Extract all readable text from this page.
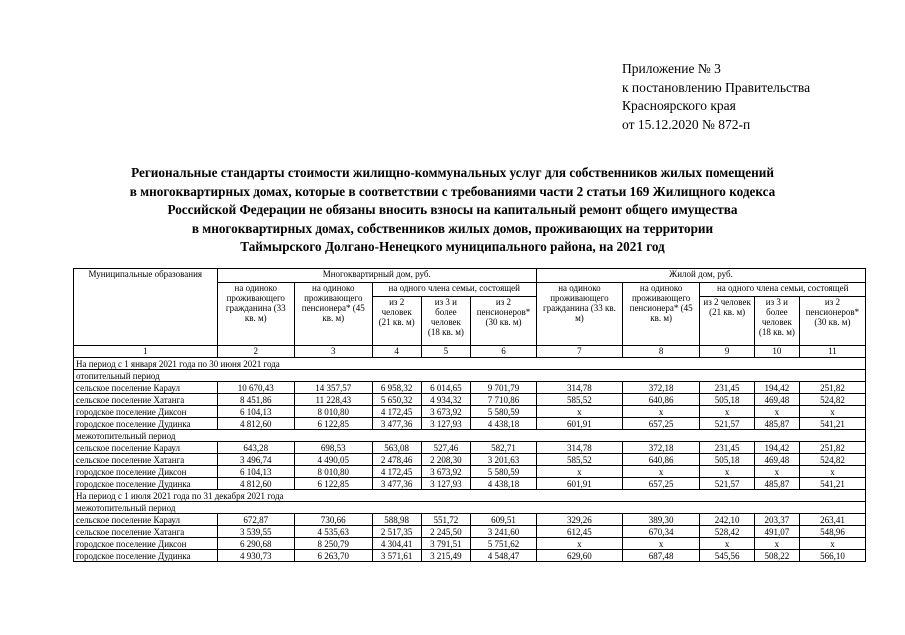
Приложение № 3
к постановлению Правительства
Красноярского края
от 15.12.2020 № 872-п
Региональные стандарты стоимости жилищно-коммунальных услуг для собственников жилых помещений
в многоквартирных домах, которые в соответствии с требованиями части 2 статьи 169 Жилищного кодекса
Российской Федерации не обязаны вносить взносы на капитальный ремонт общего имущества
в многоквартирных домах, собственников жилых домов, проживающих на территории
Таймырского Долгано-Ненецкого муниципального района, на 2021 год
Муниципальные образования	Многоквартирный дом, руб.					Жилой дом, руб.				
	на одиноко проживающего гражданина (33 кв. м)	на одиноко проживающего пенсионера* (45 кв. м)	на одного члена семьи, состоящей			на одиноко проживающего гражданина (33 кв. м)	на одиноко проживающего пенсионера* (45 кв. м)	на одного члена семьи, состоящей		
			из 2 человек (21 кв. м)	из 3 и более человек (18 кв. м)	из 2 пенсионеров* (30 кв. м)			из 2 человек (21 кв. м)	из 3 и более человек (18 кв. м)	из 2 пенсионеров* (30 кв. м)
1	2	3	4	5	6	7	8	9	10	11
На период с 1 января 2021 года по 30 июня 2021 года										
отопительный период										
сельское поселение Караул	10 670,43	14 357,57	6 958,32	6 014,65	9 701,79	314,78	372,18	231,45	194,42	251,82
сельское поселение Хатанга	8 451,86	11 228,43	5 650,32	4 934,32	7 710,86	585,52	640,86	505,18	469,48	524,82
городское поселение Диксон	6 104,13	8 010,80	4 172,45	3 673,92	5 580,59	x	x	x	x	x
городское поселение Дудинка	4 812,60	6 122,85	3 477,36	3 127,93	4 438,18	601,91	657,25	521,57	485,87	541,21
межотопительный период										
сельское поселение Караул	643,28	698,53	563,08	527,46	582,71	314,78	372,18	231,45	194,42	251,82
сельское поселение Хатанга	3 496,74	4 490,05	2 478,46	2 208,30	3 201,63	585,52	640,86	505,18	469,48	524,82
городское поселение Диксон	6 104,13	8 010,80	4 172,45	3 673,92	5 580,59	x	x	x	x	x
городское поселение Дудинка	4 812,60	6 122,85	3 477,36	3 127,93	4 438,18	601,91	657,25	521,57	485,87	541,21
На период с 1 июля 2021 года по 31 декабря 2021 года										
межотопительный период										
сельское поселение Караул	672,87	730,66	588,98	551,72	609,51	329,26	389,30	242,10	203,37	263,41
сельское поселение Хатанга	3 539,55	4 535,63	2 517,35	2 245,50	3 241,60	612,45	670,34	528,42	491,07	548,96
городское поселение Диксон	6 290,68	8 250,79	4 304,41	3 791,51	5 751,62	x	x	x	x	x
городское поселение Дудинка	4 930,73	6 263,70	3 571,61	3 215,49	4 548,47	629,60	687,48	545,56	508,22	566,10
